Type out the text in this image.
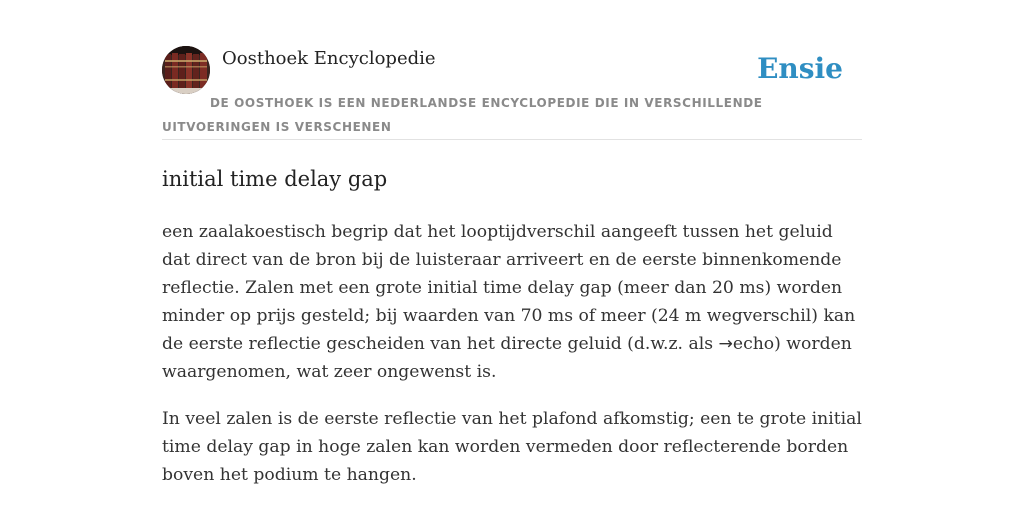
Oosthoek Encyclopedie	Ensie
DE OOSTHOEK IS EEN NEDERLANDSE ENCYCLOPEDIE DIE IN VERSCHILLENDE UITVOERINGEN IS VERSCHENEN
initial time delay gap

een zaalakoestisch begrip dat het looptijdverschil aangeeft tussen het geluid dat direct van de bron bij de luisteraar arriveert en de eerste binnenkomende reflectie. Zalen met een grote initial time delay gap (meer dan 20 ms) worden minder op prijs gesteld; bij waarden van 70 ms of meer (24 m wegverschil) kan de eerste reflectie gescheiden van het directe geluid (d.w.z. als →echo) worden waargenomen, wat zeer ongewenst is.

In veel zalen is de eerste reflectie van het plafond afkomstig; een te grote initial time delay gap in hoge zalen kan worden vermeden door reflecterende borden boven het podium te hangen.
